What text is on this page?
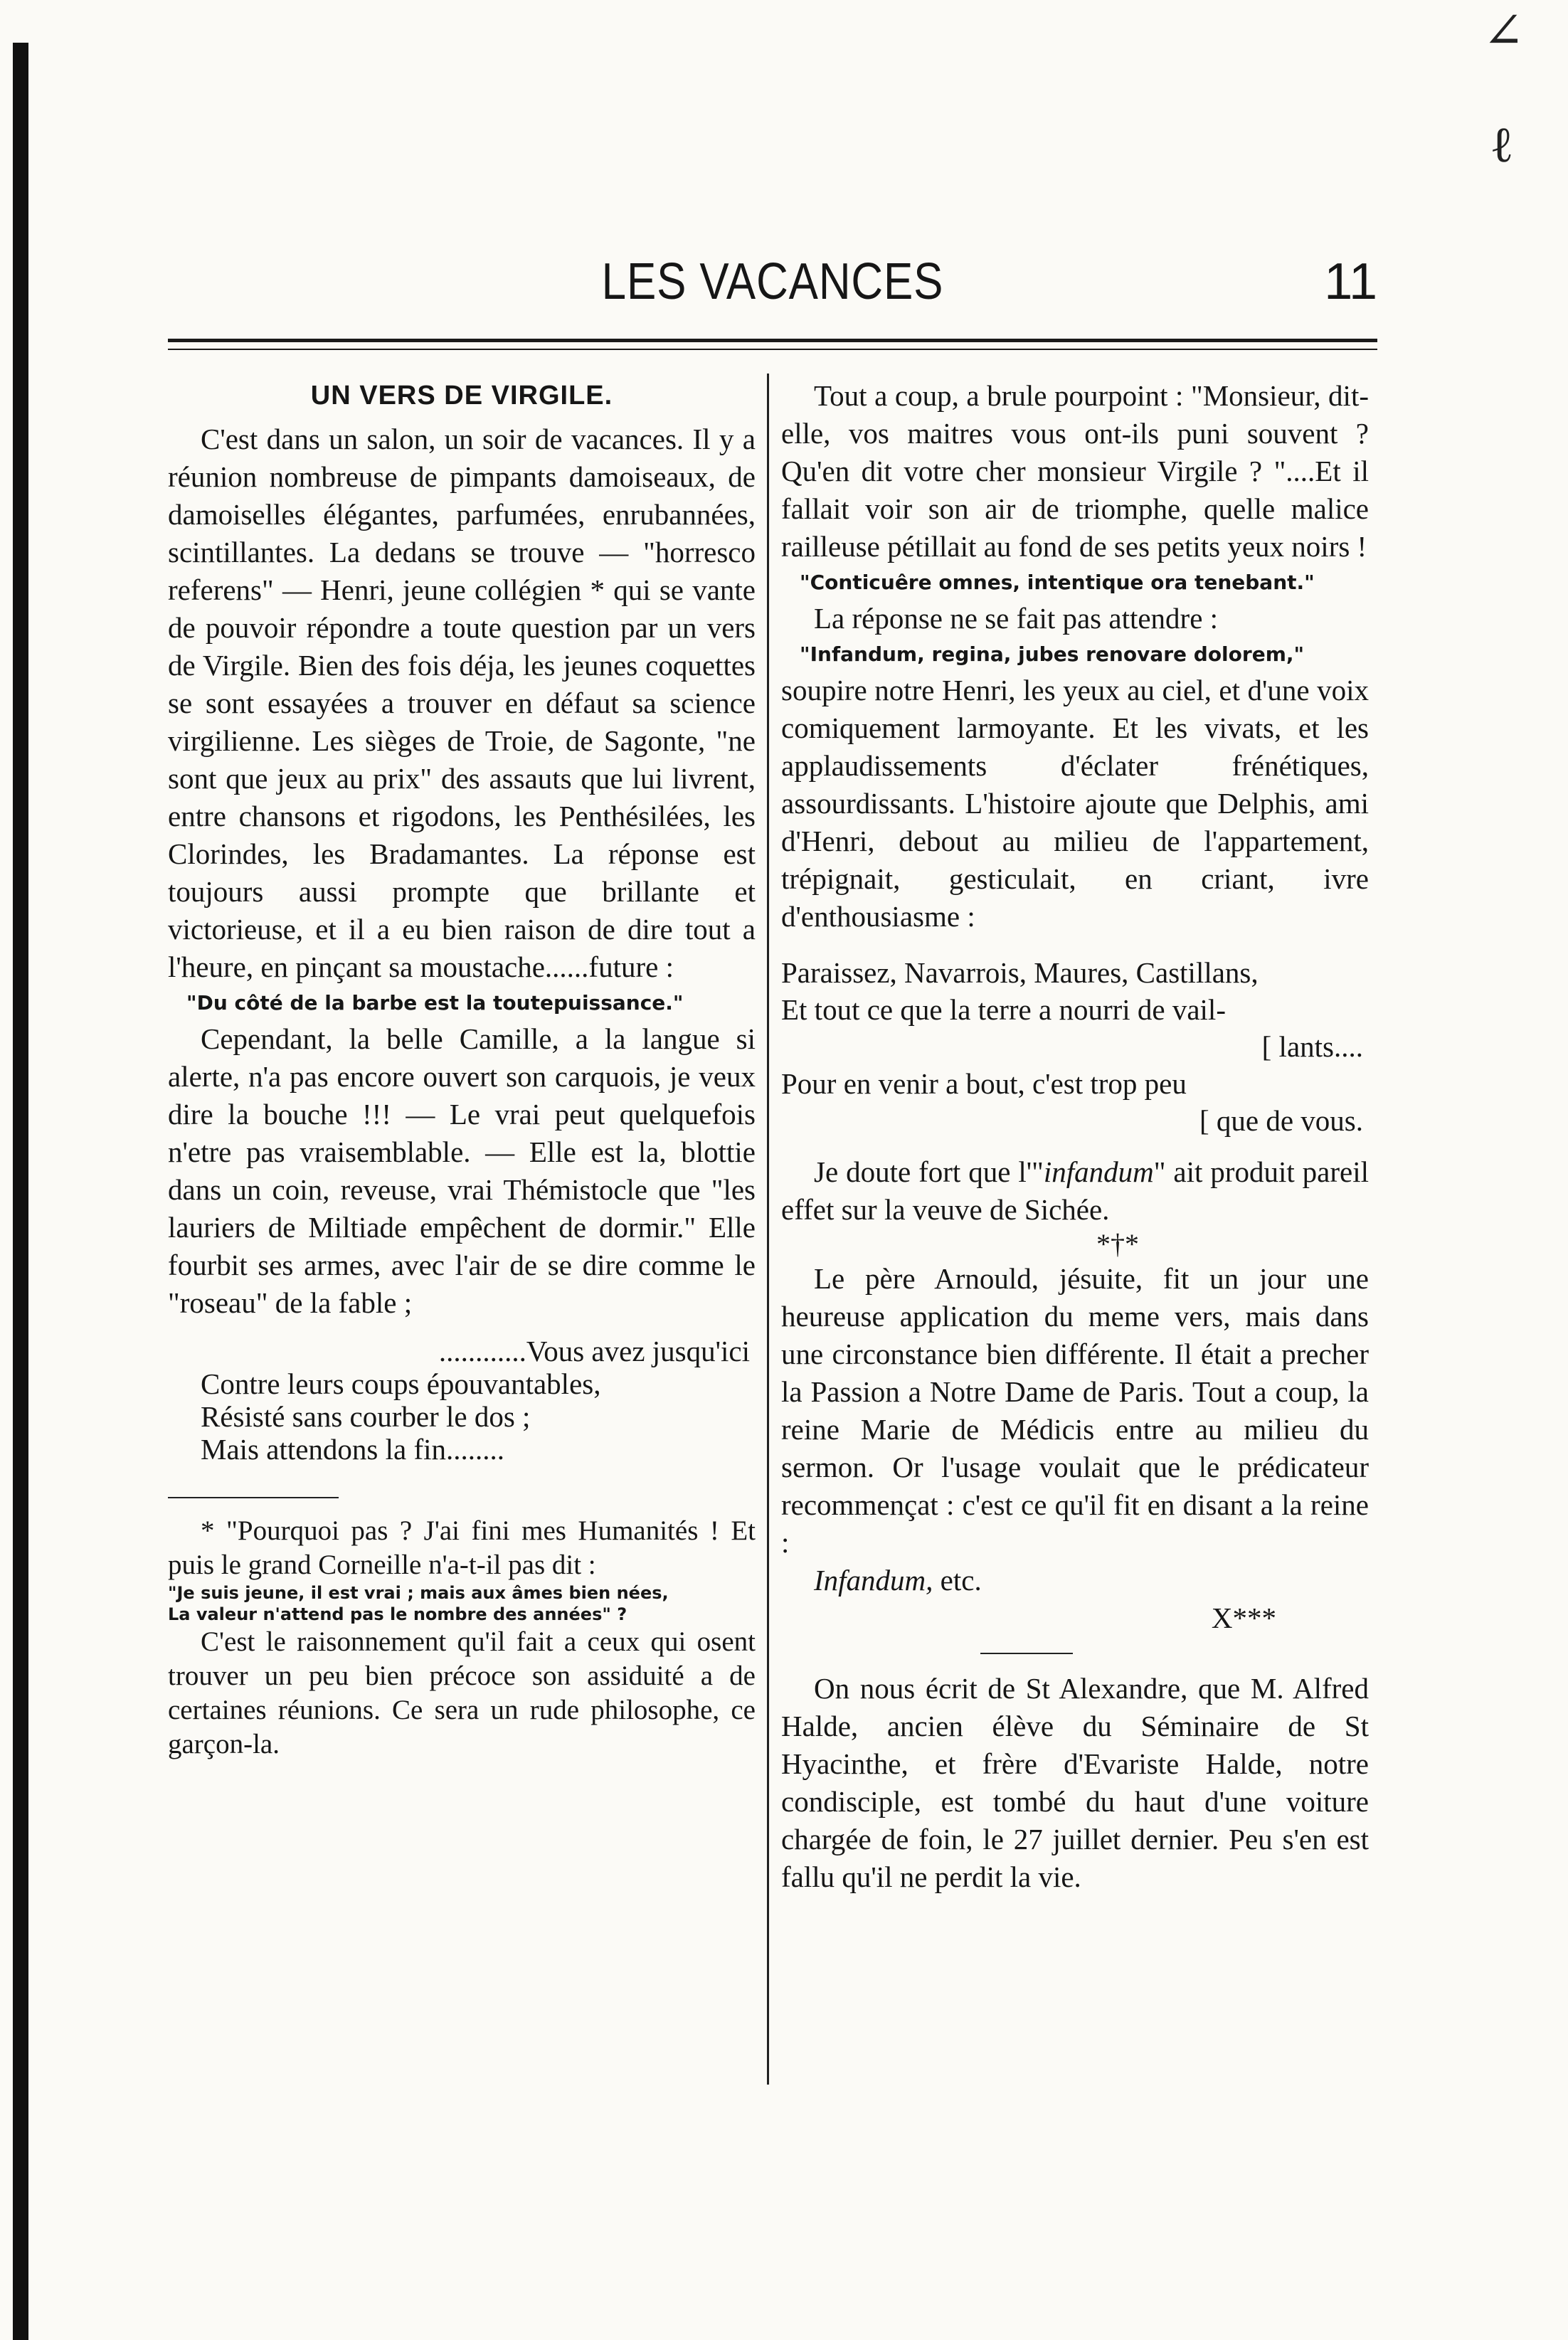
∠
ℓ
LES VACANCES	11
UN VERS DE VIRGILE.

C'est dans un salon, un soir de vacances. Il y a réunion nombreuse de pimpants damoiseaux, de damoiselles élégantes, parfumées, enrubannées, scintillantes. La dedans se trouve — "horresco referens" — Henri, jeune collégien * qui se vante de pouvoir répondre a toute question par un vers de Virgile. Bien des fois déja, les jeunes coquettes se sont essayées a trouver en défaut sa science virgilienne. Les sièges de Troie, de Sagonte, "ne sont que jeux au prix" des assauts que lui livrent, entre chansons et rigodons, les Penthésilées, les Clorindes, les Bradamantes. La réponse est toujours aussi prompte que brillante et victorieuse, et il a eu bien raison de dire tout a l'heure, en pinçant sa moustache......future :

"Du côté de la barbe est la toutepuissance."

Cependant, la belle Camille, a la langue si alerte, n'a pas encore ouvert son carquois, je veux dire la bouche !!! — Le vrai peut quelquefois n'etre pas vraisemblable. — Elle est la, blottie dans un coin, reveuse, vrai Thémistocle que "les lauriers de Miltiade empêchent de dormir." Elle fourbit ses armes, avec l'air de se dire comme le "roseau" de la fable ;

............Vous avez jusqu'ici
Contre leurs coups épouvantables,
Résisté sans courber le dos ;
Mais attendons la fin........

* "Pourquoi pas ? J'ai fini mes Humanités ! Et puis le grand Corneille n'a-t-il pas dit :

"Je suis jeune, il est vrai ; mais aux âmes bien nées,
La valeur n'attend pas le nombre des années" ?

C'est le raisonnement qu'il fait a ceux qui osent trouver un peu bien précoce son assiduité a de certaines réunions. Ce sera un rude philosophe, ce garçon-la.

Tout a coup, a brule pourpoint : "Monsieur, dit-elle, vos maitres vous ont-ils puni souvent ? Qu'en dit votre cher monsieur Virgile ? "....Et il fallait voir son air de triomphe, quelle malice railleuse pétillait au fond de ses petits yeux noirs !

"Conticuêre omnes, intentique ora tenebant."

La réponse ne se fait pas attendre :

"Infandum, regina, jubes renovare dolorem,"

soupire notre Henri, les yeux au ciel, et d'une voix comiquement larmoyante. Et les vivats, et les applaudissements d'éclater frénétiques, assourdissants. L'histoire ajoute que Delphis, ami d'Henri, debout au milieu de l'appartement, trépignait, gesticulait, en criant, ivre d'enthousiasme :

Paraissez, Navarrois, Maures, Castillans,
Et tout ce que la terre a nourri de vail-
[ lants....
Pour en venir a bout, c'est trop peu
[ que de vous.

Je doute fort que l'"infandum" ait produit pareil effet sur la veuve de Sichée.

*†*

Le père Arnould, jésuite, fit un jour une heureuse application du meme vers, mais dans une circonstance bien différente. Il était a precher la Passion a Notre Dame de Paris. Tout a coup, la reine Marie de Médicis entre au milieu du sermon. Or l'usage voulait que le prédicateur recommençat : c'est ce qu'il fit en disant a la reine :

Infandum, etc.

X***

On nous écrit de St Alexandre, que M. Alfred Halde, ancien élève du Séminaire de St Hyacinthe, et frère d'Evariste Halde, notre condisciple, est tombé du haut d'une voiture chargée de foin, le 27 juillet dernier. Peu s'en est fallu qu'il ne perdit la vie.
